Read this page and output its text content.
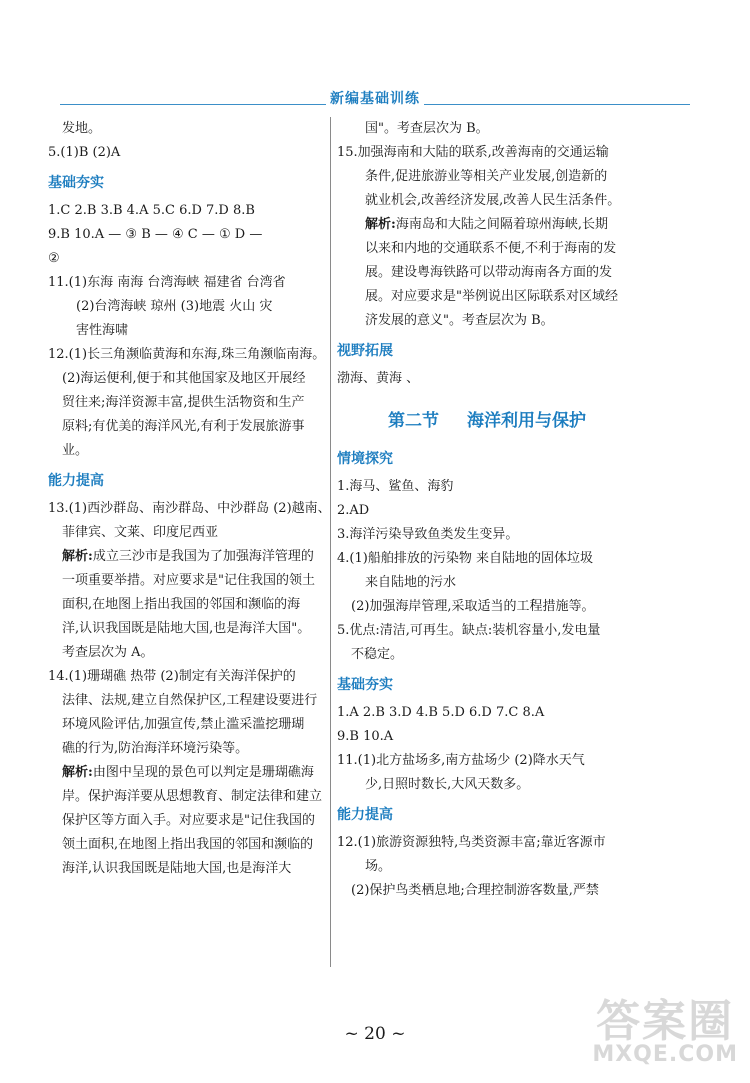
新编基础训练
发地。
5.(1)B (2)A
基础夯实
1.C 2.B 3.B 4.A 5.C 6.D 7.D 8.B
9.B 10.A — ③ B — ④ C — ① D —
②
11.(1)东海 南海 台湾海峡 福建省 台湾省
(2)台湾海峡 琼州 (3)地震 火山 灾
害性海啸
12.(1)长三角濒临黄海和东海,珠三角濒临南海。
(2)海运便利,便于和其他国家及地区开展经
贸往来;海洋资源丰富,提供生活物资和生产
原料;有优美的海洋风光,有利于发展旅游事
业。
能力提高
13.(1)西沙群岛、南沙群岛、中沙群岛 (2)越南、
菲律宾、文莱、印度尼西亚
解析:成立三沙市是我国为了加强海洋管理的
一项重要举措。对应要求是"记住我国的领土
面积,在地图上指出我国的邻国和濒临的海
洋,认识我国既是陆地大国,也是海洋大国"。
考查层次为 A。
14.(1)珊瑚礁 热带 (2)制定有关海洋保护的
法律、法规,建立自然保护区,工程建设要进行
环境风险评估,加强宣传,禁止滥采滥挖珊瑚
礁的行为,防治海洋环境污染等。
解析:由图中呈现的景色可以判定是珊瑚礁海
岸。保护海洋要从思想教育、制定法律和建立
保护区等方面入手。对应要求是"记住我国的
领土面积,在地图上指出我国的邻国和濒临的
海洋,认识我国既是陆地大国,也是海洋大
国"。考查层次为 B。
15.加强海南和大陆的联系,改善海南的交通运输
条件,促进旅游业等相关产业发展,创造新的
就业机会,改善经济发展,改善人民生活条件。
解析:海南岛和大陆之间隔着琼州海峡,长期
以来和内地的交通联系不便,不利于海南的发
展。建设粤海铁路可以带动海南各方面的发
展。对应要求是"举例说出区际联系对区域经
济发展的意义"。考查层次为 B。
视野拓展
渤海、黄海 、
第二节 海洋利用与保护
情境探究
1.海马、鲨鱼、海豹
2.AD
3.海洋污染导致鱼类发生变异。
4.(1)船舶排放的污染物 来自陆地的固体垃圾
来自陆地的污水
(2)加强海岸管理,采取适当的工程措施等。
5.优点:清洁,可再生。缺点:装机容量小,发电量
不稳定。
基础夯实
1.A 2.B 3.D 4.B 5.D 6.D 7.C 8.A
9.B 10.A
11.(1)北方盐场多,南方盐场少 (2)降水天气
少,日照时数长,大风天数多。
能力提高
12.(1)旅游资源独特,鸟类资源丰富;靠近客源市
场。
(2)保护鸟类栖息地;合理控制游客数量,严禁
~ 20 ~	答案圈
MXQE.COM
